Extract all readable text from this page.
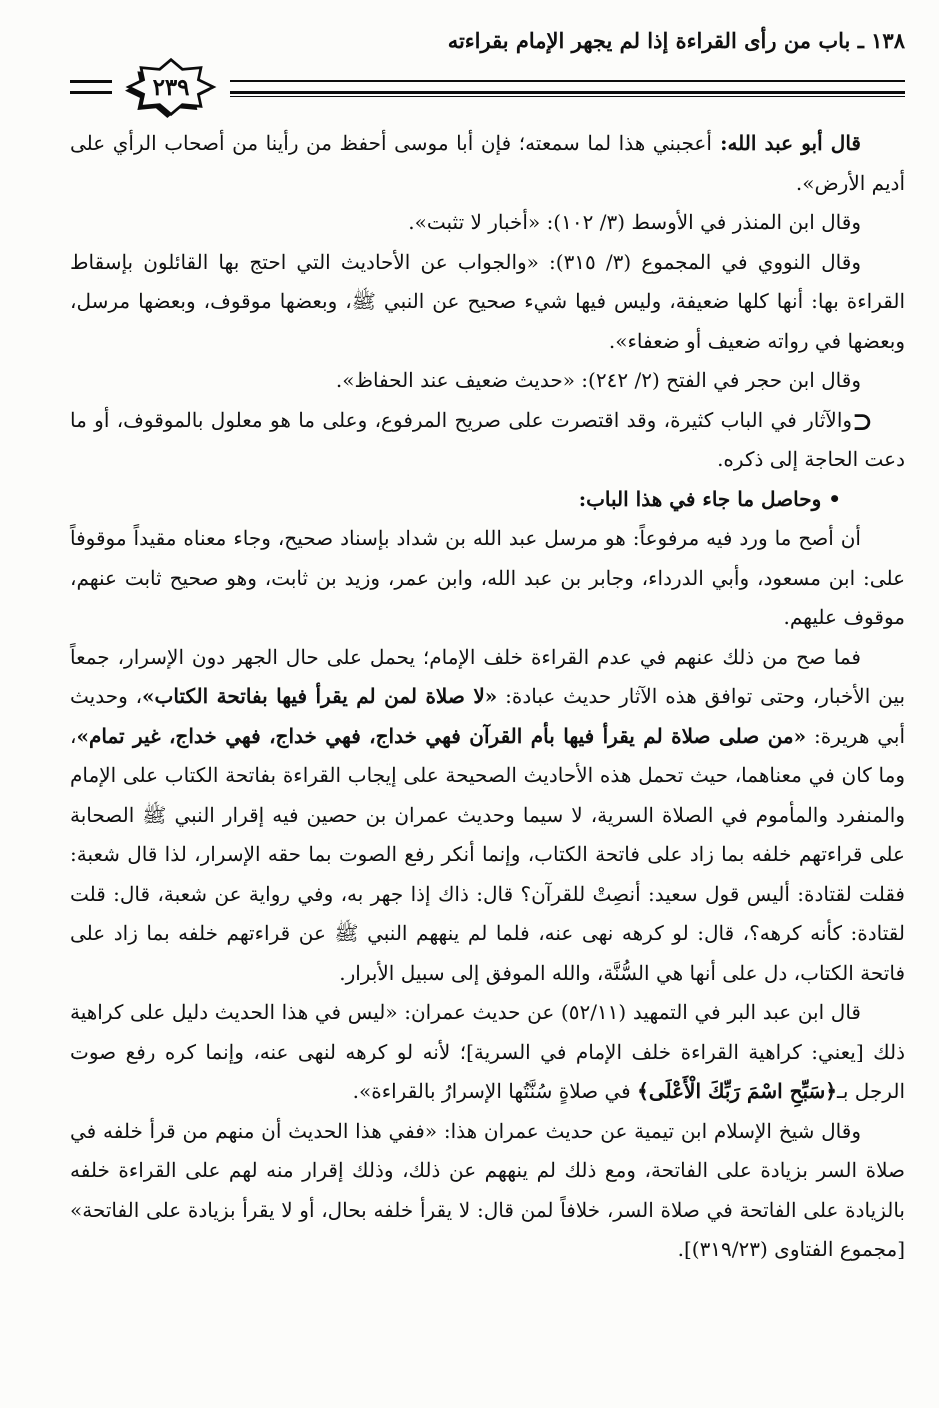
١٣٨ ـ باب من رأى القراءة إذا لم يجهر الإمام بقراءته
٢٣٩

قال أبو عبد الله: أعجبني هذا لما سمعته؛ فإن أبا موسى أحفظ من رأينا من أصحاب الرأي على أديم الأرض».

وقال ابن المنذر في الأوسط (٣/ ١٠٢): «أخبار لا تثبت».

وقال النووي في المجموع (٣/ ٣١٥): «والجواب عن الأحاديث التي احتج بها القائلون بإسقاط القراءة بها: أنها كلها ضعيفة، وليس فيها شيء صحيح عن النبي ﷺ، وبعضها موقوف، وبعضها مرسل، وبعضها في رواته ضعيف أو ضعفاء».

وقال ابن حجر في الفتح (٢/ ٢٤٢): «حديث ضعيف عند الحفاظ».

⊂والآثار في الباب كثيرة، وقد اقتصرت على صريح المرفوع، وعلى ما هو معلول بالموقوف، أو ما دعت الحاجة إلى ذكره.

• وحاصل ما جاء في هذا الباب:

أن أصح ما ورد فيه مرفوعاً: هو مرسل عبد الله بن شداد بإسناد صحيح، وجاء معناه مقيداً موقوفاً على: ابن مسعود، وأبي الدرداء، وجابر بن عبد الله، وابن عمر، وزيد بن ثابت، وهو صحيح ثابت عنهم، موقوف عليهم.

فما صح من ذلك عنهم في عدم القراءة خلف الإمام؛ يحمل على حال الجهر دون الإسرار، جمعاً بين الأخبار، وحتى توافق هذه الآثار حديث عبادة: «لا صلاة لمن لم يقرأ فيها بفاتحة الكتاب»، وحديث أبي هريرة: «من صلى صلاة لم يقرأ فيها بأم القرآن فهي خداج، فهي خداج، فهي خداج، غير تمام»، وما كان في معناهما، حيث تحمل هذه الأحاديث الصحيحة على إيجاب القراءة بفاتحة الكتاب على الإمام والمنفرد والمأموم في الصلاة السرية، لا سيما وحديث عمران بن حصين فيه إقرار النبي ﷺ الصحابة على قراءتهم خلفه بما زاد على فاتحة الكتاب، وإنما أنكر رفع الصوت بما حقه الإسرار، لذا قال شعبة: فقلت لقتادة: أليس قول سعيد: أنصِتْ للقرآن؟ قال: ذاك إذا جهر به، وفي رواية عن شعبة، قال: قلت لقتادة: كأنه كرهه؟، قال: لو كرهه نهى عنه، فلما لم ينههم النبي ﷺ عن قراءتهم خلفه بما زاد على فاتحة الكتاب، دل على أنها هي السُّنَّة، والله الموفق إلى سبيل الأبرار.

قال ابن عبد البر في التمهيد (٥٢/١١) عن حديث عمران: «ليس في هذا الحديث دليل على كراهية ذلك [يعني: كراهية القراءة خلف الإمام في السرية]؛ لأنه لو كرهه لنهى عنه، وإنما كره رفع صوت الرجل بـ﴿سَبِّحِ اسْمَ رَبِّكَ الْأَعْلَى﴾ في صلاةٍ سُنَّتُها الإسرارُ بالقراءة».

وقال شيخ الإسلام ابن تيمية عن حديث عمران هذا: «ففي هذا الحديث أن منهم من قرأ خلفه في صلاة السر بزيادة على الفاتحة، ومع ذلك لم ينههم عن ذلك، وذلك إقرار منه لهم على القراءة خلفه بالزيادة على الفاتحة في صلاة السر، خلافاً لمن قال: لا يقرأ خلفه بحال، أو لا يقرأ بزيادة على الفاتحة» [مجموع الفتاوى (٣١٩/٢٣)].
